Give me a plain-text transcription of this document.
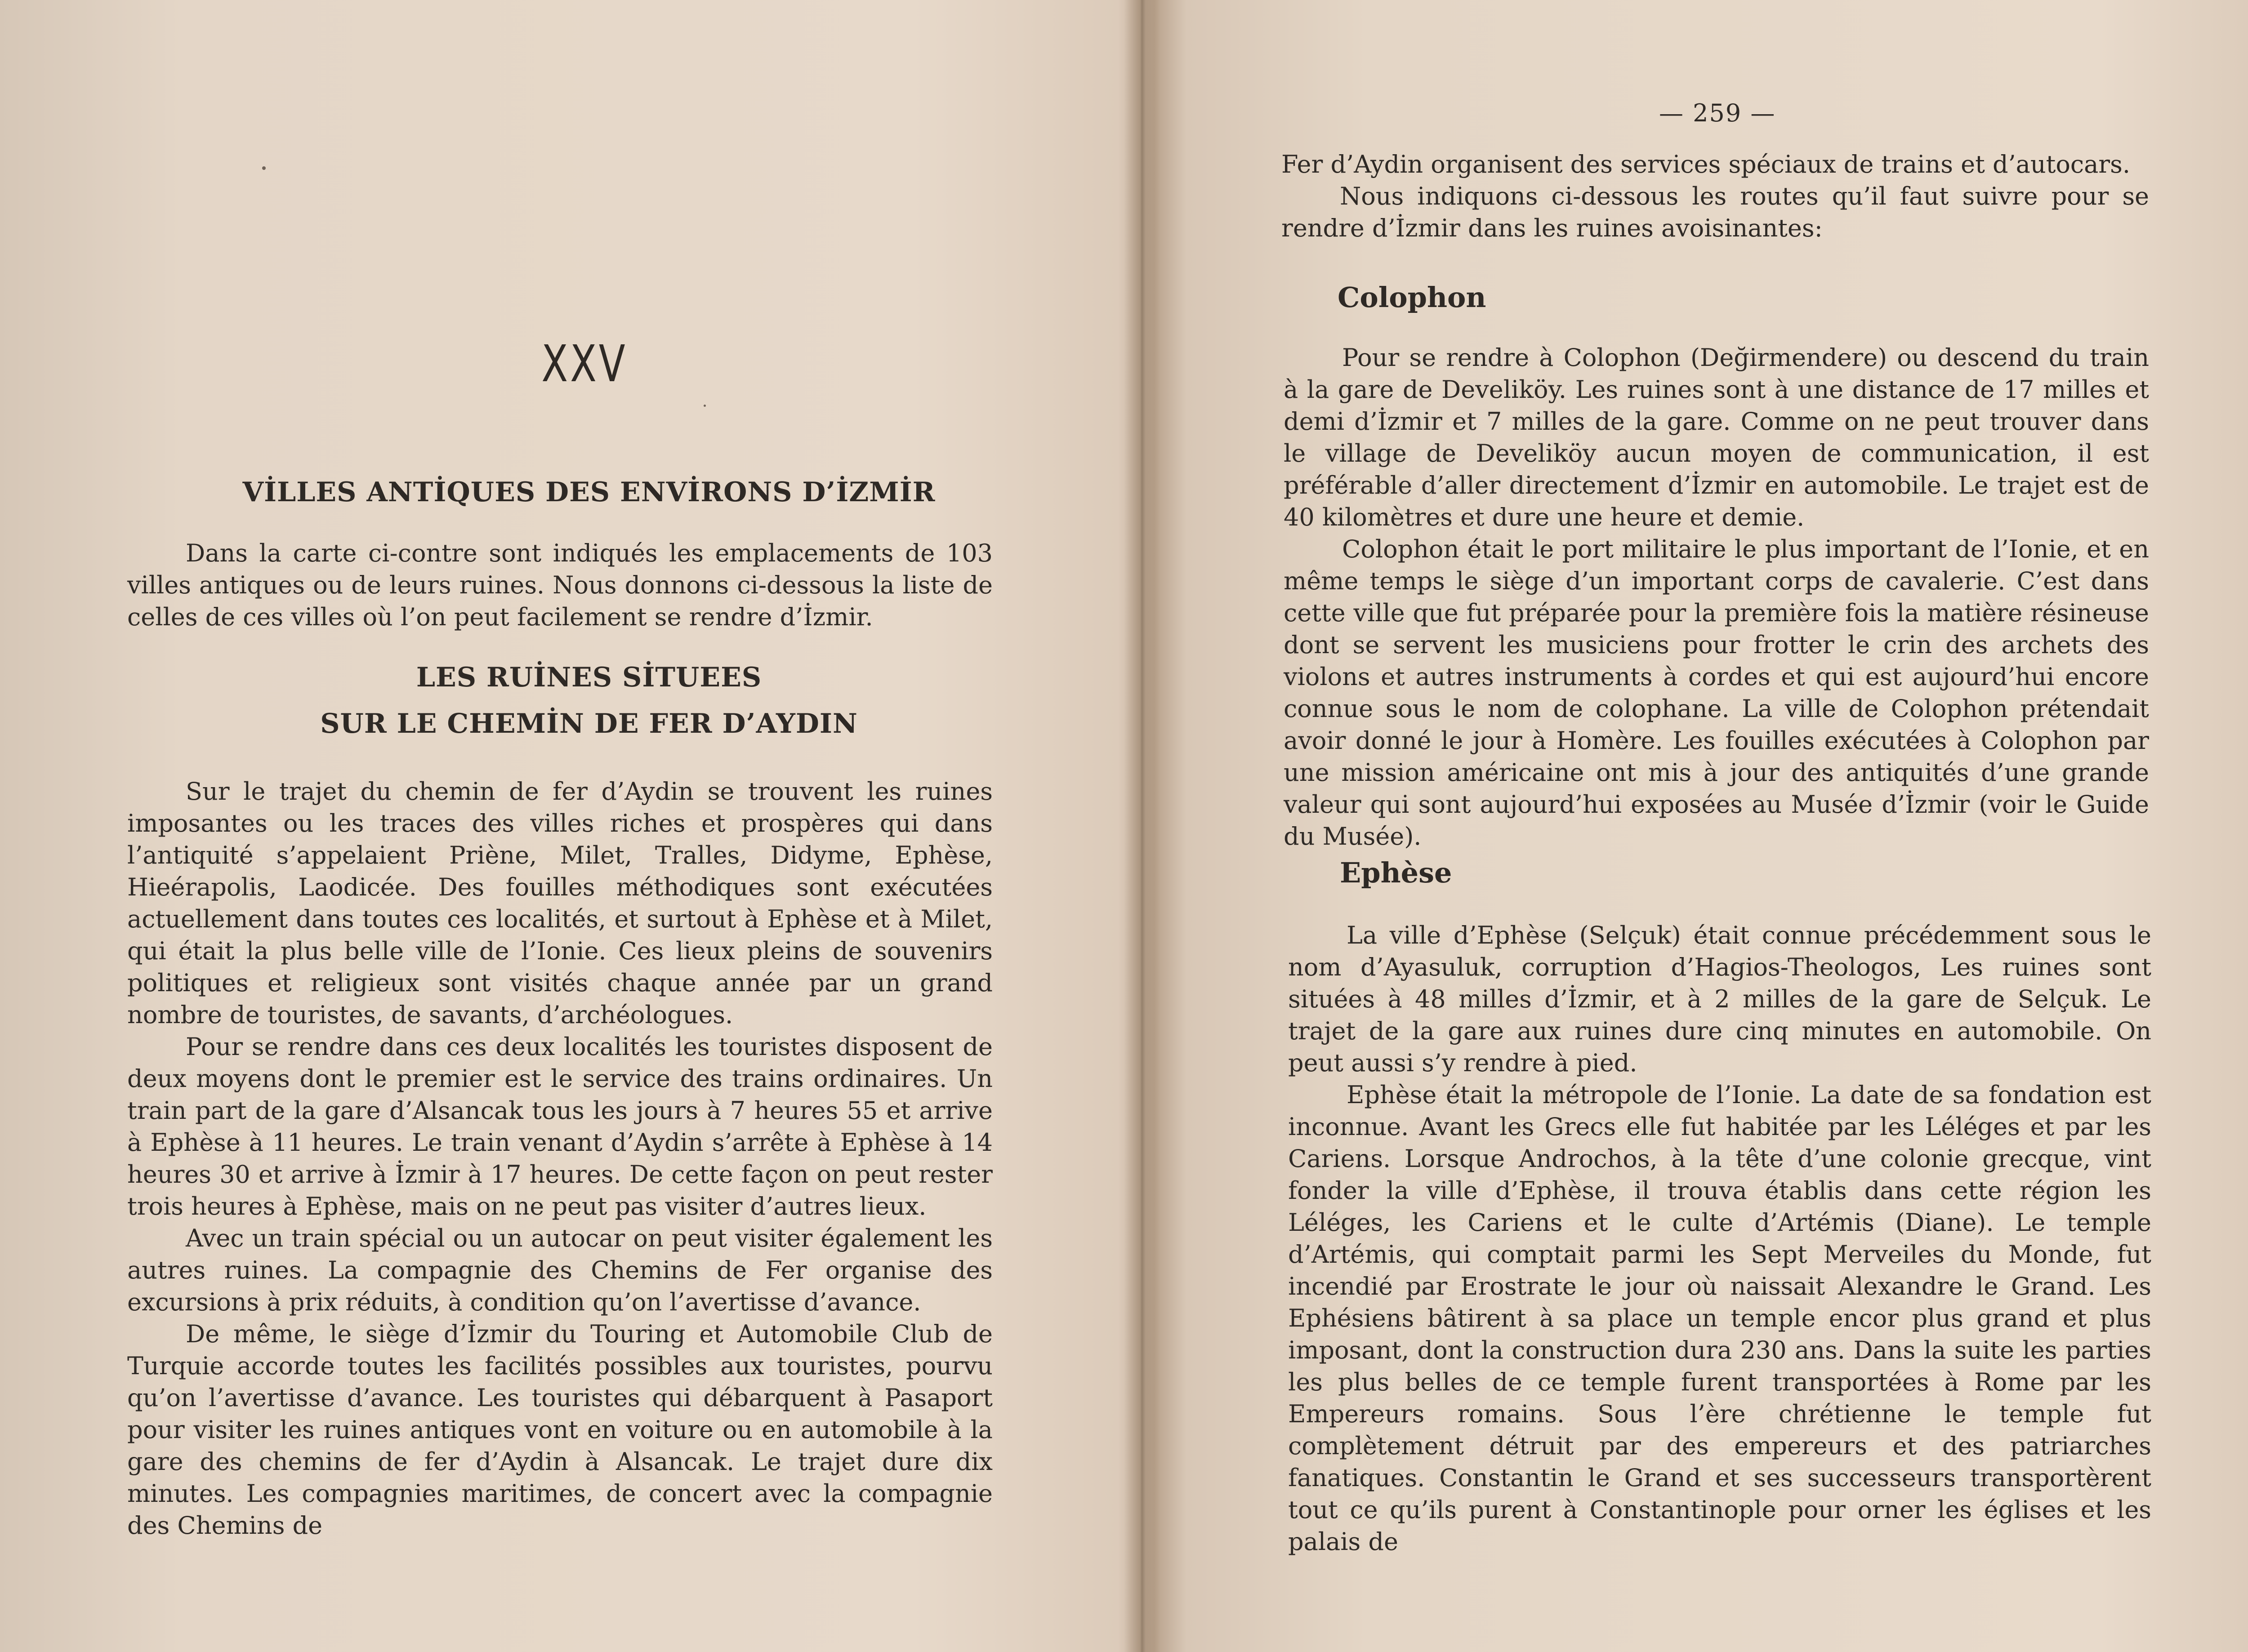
XXV
VİLLES ANTİQUES DES ENVİRONS D’İZMİR

Dans la carte ci-contre sont indiqués les emplacements de 103 villes antiques ou de leurs ruines. Nous donnons ci-dessous la liste de celles de ces villes où l’on peut facilement se rendre d’İzmir.

LES RUİNES SİTUEES
SUR LE CHEMİN DE FER D’AYDIN

Sur le trajet du chemin de fer d’Aydin se trouvent les ruines imposantes ou les traces des villes riches et prospères qui dans l’antiquité s’appelaient Priène, Milet, Tralles, Didyme, Ephèse, Hieérapolis, Laodicée. Des fouilles méthodiques sont exécutées actuellement dans toutes ces localités, et surtout à Ephèse et à Milet, qui était la plus belle ville de l’Ionie. Ces lieux pleins de souvenirs politiques et religieux sont visités chaque année par un grand nombre de touristes, de savants, d’archéologues.

Pour se rendre dans ces deux localités les touristes disposent de deux moyens dont le premier est le service des trains ordinaires. Un train part de la gare d’Alsancak tous les jours à 7 heures 55 et arrive à Ephèse à 11 heures. Le train venant d’Aydin s’arrête à Ephèse à 14 heures 30 et arrive à İzmir à 17 heures. De cette façon on peut rester trois heures à Ephèse, mais on ne peut pas visiter d’autres lieux.

Avec un train spécial ou un autocar on peut visiter également les autres ruines. La compagnie des Chemins de Fer organise des excursions à prix réduits, à condition qu’on l’avertisse d’avance.

De même, le siège d’İzmir du Touring et Automobile Club de Turquie accorde toutes les facilités possibles aux touristes, pourvu qu’on l’avertisse d’avance. Les touristes qui débarquent à Pasaport pour visiter les ruines antiques vont en voiture ou en automobile à la gare des chemins de fer d’Aydin à Alsancak. Le trajet dure dix minutes. Les compagnies maritimes, de concert avec la compagnie des Chemins de

— 259 —

Fer d’Aydin organisent des services spéciaux de trains et d’autocars.

Nous indiquons ci-dessous les routes qu’il faut suivre pour se rendre d’İzmir dans les ruines avoisinantes:

Colophon

Pour se rendre à Colophon (Değirmendere) ou descend du train à la gare de Develiköy. Les ruines sont à une distance de 17 milles et demi d’İzmir et 7 milles de la gare. Comme on ne peut trouver dans le village de Develiköy aucun moyen de communication, il est préférable d’aller directement d’İzmir en automobile. Le trajet est de 40 kilomètres et dure une heure et demie.

Colophon était le port militaire le plus important de l’Ionie, et en même temps le siège d’un important corps de cavalerie. C’est dans cette ville que fut préparée pour la première fois la matière résineuse dont se servent les musiciens pour frotter le crin des archets des violons et autres instruments à cordes et qui est aujourd’hui encore connue sous le nom de colophane. La ville de Colophon prétendait avoir donné le jour à Homère. Les fouilles exécutées à Colophon par une mission américaine ont mis à jour des antiquités d’une grande valeur qui sont aujourd’hui exposées au Musée d’İzmir (voir le Guide du Musée).

Ephèse

La ville d’Ephèse (Selçuk) était connue précédemment sous le nom d’Ayasuluk, corruption d’Hagios-Theologos, Les ruines sont situées à 48 milles d’İzmir, et à 2 milles de la gare de Selçuk. Le trajet de la gare aux ruines dure cinq minutes en automobile. On peut aussi s’y rendre à pied.

Ephèse était la métropole de l’Ionie. La date de sa fondation est inconnue. Avant les Grecs elle fut habitée par les Léléges et par les Cariens. Lorsque Androchos, à la tête d’une colonie grecque, vint fonder la ville d’Ephèse, il trouva établis dans cette région les Léléges, les Cariens et le culte d’Artémis (Diane). Le temple d’Artémis, qui comptait parmi les Sept Merveiles du Monde, fut incendié par Erostrate le jour où naissait Alexandre le Grand. Les Ephésiens bâtirent à sa place un temple encor plus grand et plus imposant, dont la construction dura 230 ans. Dans la suite les parties les plus belles de ce temple furent transportées à Rome par les Empereurs romains. Sous l’ère chrétienne le temple fut complètement détruit par des empereurs et des patriarches fanatiques. Constantin le Grand et ses successeurs transportèrent tout ce qu’ils purent à Constantinople pour orner les églises et les palais de
